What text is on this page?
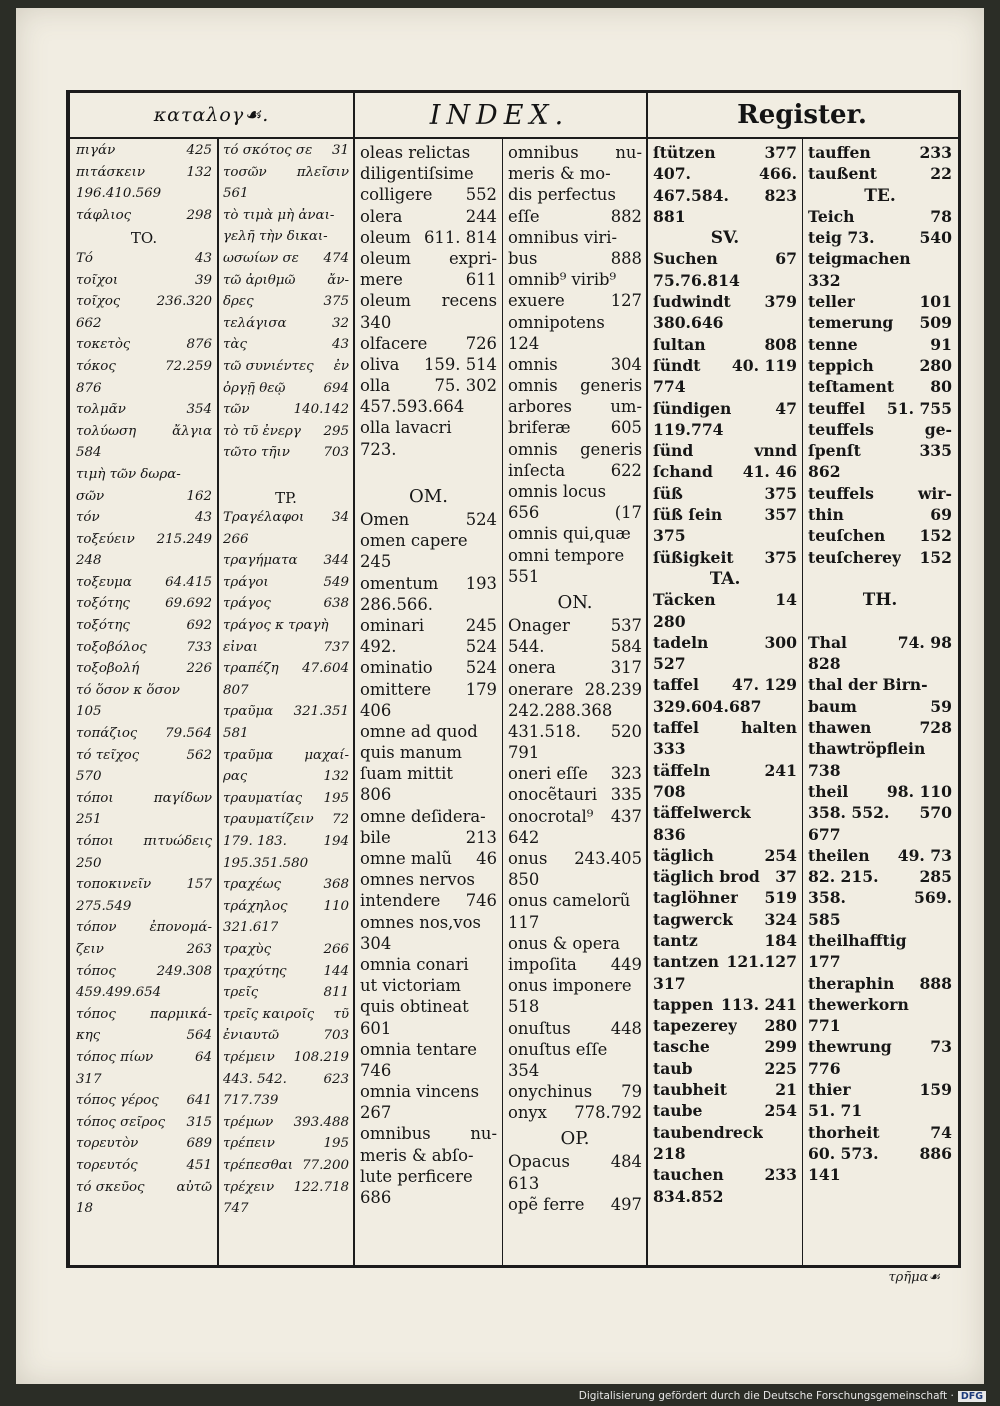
καταλογ☙.	INDEX.	Register.
πιγάν	425
πιτάσκειν	132
196.410.569
τάφλιος	298
TO.
Τό	43
τοῖχοι	39
τοῖχος	236.320
662
τοκετὸς	876
τόκος	72.259
876
τολμᾶν	354
τολύωση	ἄλγια
584
τιμὴ τῶν δωρα-
σῶν	162
τόν	43
τοξεύειν 215.249
248
τοξευμα 64.415
τοξότης	69.692
τοξότης	692
τοξοβόλος	733
τοξοβολή	226
τό ὅσον κ ὅσον
105
τοπάζιος 79.564
τό τεῖχος	562
570
τόποι	παγίδων
251
τόποι πιτυώδεις
250
τοποκινεῖν	157
275.549
τόπον ἐπονομά-
ζειν	263
τόπος	249.308
459.499.654
τόπος	παρμικά-
κης	564
τόπος πίων	64
317
τόπος γέρος 641
τόπος σεῖρος 315
τορευτὸν	689
τορευτός	451
τό σκεῦος αὐτῶ
18
τό σκότος σε 31
τοσῶν πλεῖσιν
561
τὸ τιμὰ μὴ ἀναι-
γελῆ τὴν δικαι-
ωσωίων σε 474
τῶ ἀριθμῶ ἄν-
δρες	375
τελάγισα	32
τὰς	43
τῶ συνιέντες ἐν
ὀργῇ θεῷ	694
τῶν	140.142
τὸ τῦ ἐνεργ 295
τῶτο τῆιν	703
TP.
Τραγέλαφοι 34
266
τραγήματα 344
τράγοι	549
τράγος	638
τράγος κ τραγὴ
εἶναι	737
τραπέζη 47.604
807
τραῦμα 321.351
581
τραῦμα μαχαί-
ρας	132
τραυματίας 195
τραυματίζειν 72
179. 183.	194
195.351.580
τραχέως	368
τράχηλος	110
321.617
τραχὺς	266
τραχύτης	144
τρεῖς	811
τρεῖς καιροῖς τῦ
ἐνιαυτῶ	703
τρέμειν 108.219
443. 542.	623
717.739
τρέμων 393.488
τρέπειν	195
τρέπεσθαι 77.200
τρέχειν 122.718
747
oleas relictas
diligentiſsime
colligere 552
olera	244
oleum 611. 814
oleum expri-
mere	611
oleum recens
340
olfacere 726
oliva 159. 514
olla	75. 302
457.593.664
olla lavacri
723.
OM.
Omen	524
omen capere
245
omentum 193
286.566.
ominari	245
492.	524
ominatio 524
omittere 179
406
omne ad quod
quis manum
ſuam mittit
806
omne deſidera-
bile	213
omne malũ 46
omnes nervos
intendere 746
omnes nos,vos
304
omnia conari
ut victoriam
quis obtineat
601
omnia tentare
746
omnia vincens
267
omnibus nu-
meris & abſo-
lute perficere
686
omnibus nu-
meris & mo-
dis perfectus
eſſe	882
omnibus viri-
bus	888
omnib⁹ virib⁹
exuere	127
omnipotens
124
omnis	304
omnis generis
arbores um-
briferæ 605
omnis generis
inſecta	622
omnis locus
656	(17
omnis qui,quæ
omni tempore
551
ON.
Onager 537
544.	584
onera	317
onerare 28.239
242.288.368
431.518. 520
791
oneri eſſe 323
onocẽtauri 335
onocrotal⁹ 437
642
onus 243.405
850
onus camelorũ
117
onus & opera
impoſita 449
onus imponere
518
onuſtus 448
onuſtus eſſe
354
onychinus 79
onyx 778.792
OP.
Opacus 484
613
opẽ ferre 497
ſtützen	377
407.	466.
467.584. 823
881
SV.
Suchen	67
75.76.814
ſudwindt 379
380.646
ſultan	808
ſündt 40. 119
774
ſündigen	47
119.774
ſünd	vnnd
ſchand 41. 46
ſüß	375
ſüß ſein	357
375
ſüßigkeit 375
TA.
Täcken	14
280
tadeln	300
527
taffel 47. 129
329.604.687
taffel	halten
333
täffeln	241
708
täffelwerck
836
täglich	254
täglich brod 37
taglöhner 519
tagwerck 324
tantz	184
tantzen 121.127
317
tappen 113. 241
tapezerey 280
tasche	299
taub	225
taubheit	21
taube	254
taubendreck
218
tauchen	233
834.852
tauffen	233
taußent	22
TE.
Teich	78
teig 73.	540
teigmachen
332
teller	101
temerung 509
tenne	91
teppich	280
teſtament 80
teuffel 51. 755
teuffels	ge-
ſpenſt	335
862
teuffels	wir-
thin	69
teuſchen 152
teuſcherey 152
TH.
Thal	74. 98
828
thal der Birn-
baum	59
thawen	728
thawtröpflein
738
theil 98. 110
358. 552. 570
677
theilen 49. 73
82. 215.	285
358.	569.
585
theilhafftig
177
theraphin 888
thewerkorn
771
thewrung 73
776
thier	159
51. 71
thorheit	74
60. 573.	886
141
τρῆμα☙
Digitalisierung gefördert durch die Deutsche Forschungsgemeinschaft · DFG
